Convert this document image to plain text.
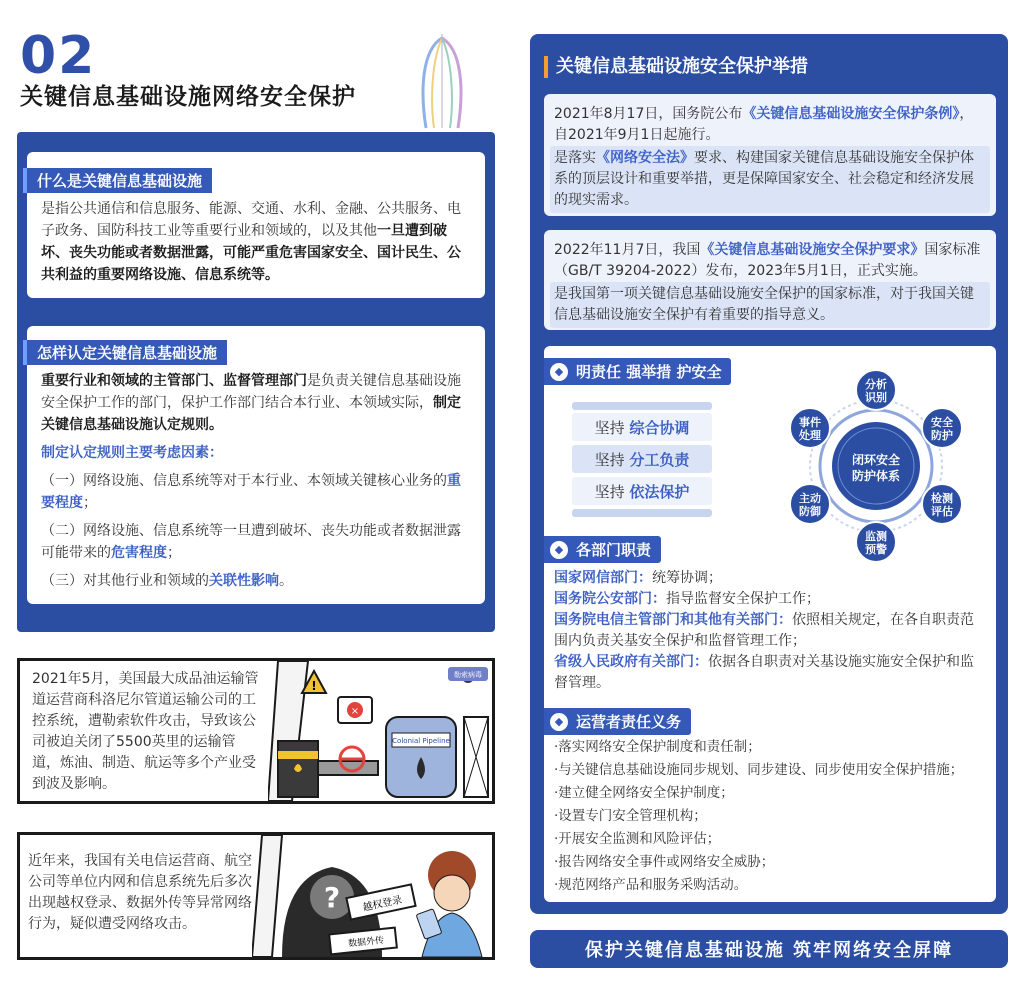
02
关键信息基础设施网络安全保护
什么是关键信息基础设施
是指公共通信和信息服务、能源、交通、水利、金融、公共服务、电子政务、国防科技工业等重要行业和领域的，以及其他一旦遭到破坏、丧失功能或者数据泄露，可能严重危害国家安全、国计民生、公共利益的重要网络设施、信息系统等。
怎样认定关键信息基础设施
重要行业和领域的主管部门、监督管理部门是负责关键信息基础设施安全保护工作的部门，保护工作部门结合本行业、本领域实际，制定关键信息基础设施认定规则。
制定认定规则主要考虑因素：
（一）网络设施、信息系统等对于本行业、本领域关键核心业务的重要程度；
（二）网络设施、信息系统等一旦遭到破坏、丧失功能或者数据泄露可能带来的危害程度；
（三）对其他行业和领域的关联性影响。
2021年5月，美国最大成品油运输管道运营商科洛尼尔管道运输公司的工控系统，遭勒索软件攻击，导致该公司被迫关闭了5500英里的运输管道，炼油、制造、航运等多个产业受到波及影响。
!
×
Colonial Pipeline
勒索病毒
近年来，我国有关电信运营商、航空公司等单位内网和信息系统先后多次出现越权登录、数据外传等异常网络行为，疑似遭受网络攻击。
? 越权登录
数据外传
关键信息基础设施安全保护举措
2021年8月17日，国务院公布《关键信息基础设施安全保护条例》，自2021年9月1日起施行。
是落实《网络安全法》要求、构建国家关键信息基础设施安全保护体系的顶层设计和重要举措，更是保障国家安全、社会稳定和经济发展的现实需求。
2022年11月7日，我国《关键信息基础设施安全保护要求》国家标准（GB/T 39204-2022）发布，2023年5月1日，正式实施。
是我国第一项关键信息基础设施安全保护的国家标准，对于我国关键信息基础设施安全保护有着重要的指导意义。
◆ 明责任 强举措 护安全
坚持
综合协调
坚持
分工负责
坚持
依法保护
闭环安全
防护体系
分析
识别
安全
防护
检测
评估
监测
预警
主动
防御
事件
处理
◆ 各部门职责
国家网信部门：统筹协调；
国务院公安部门：指导监督安全保护工作；
国务院电信主管部门和其他有关部门：依照相关规定，在各自职责范围内负责关基安全保护和监督管理工作；
省级人民政府有关部门：依据各自职责对关基设施实施安全保护和监督管理。
◆ 运营者责任义务
·落实网络安全保护制度和责任制；
·与关键信息基础设施同步规划、同步建设、同步使用安全保护措施；
·建立健全网络安全保护制度；
·设置专门安全管理机构；
·开展安全监测和风险评估；
·报告网络安全事件或网络安全威胁；
·规范网络产品和服务采购活动。
保护关键信息基础设施 筑牢网络安全屏障
